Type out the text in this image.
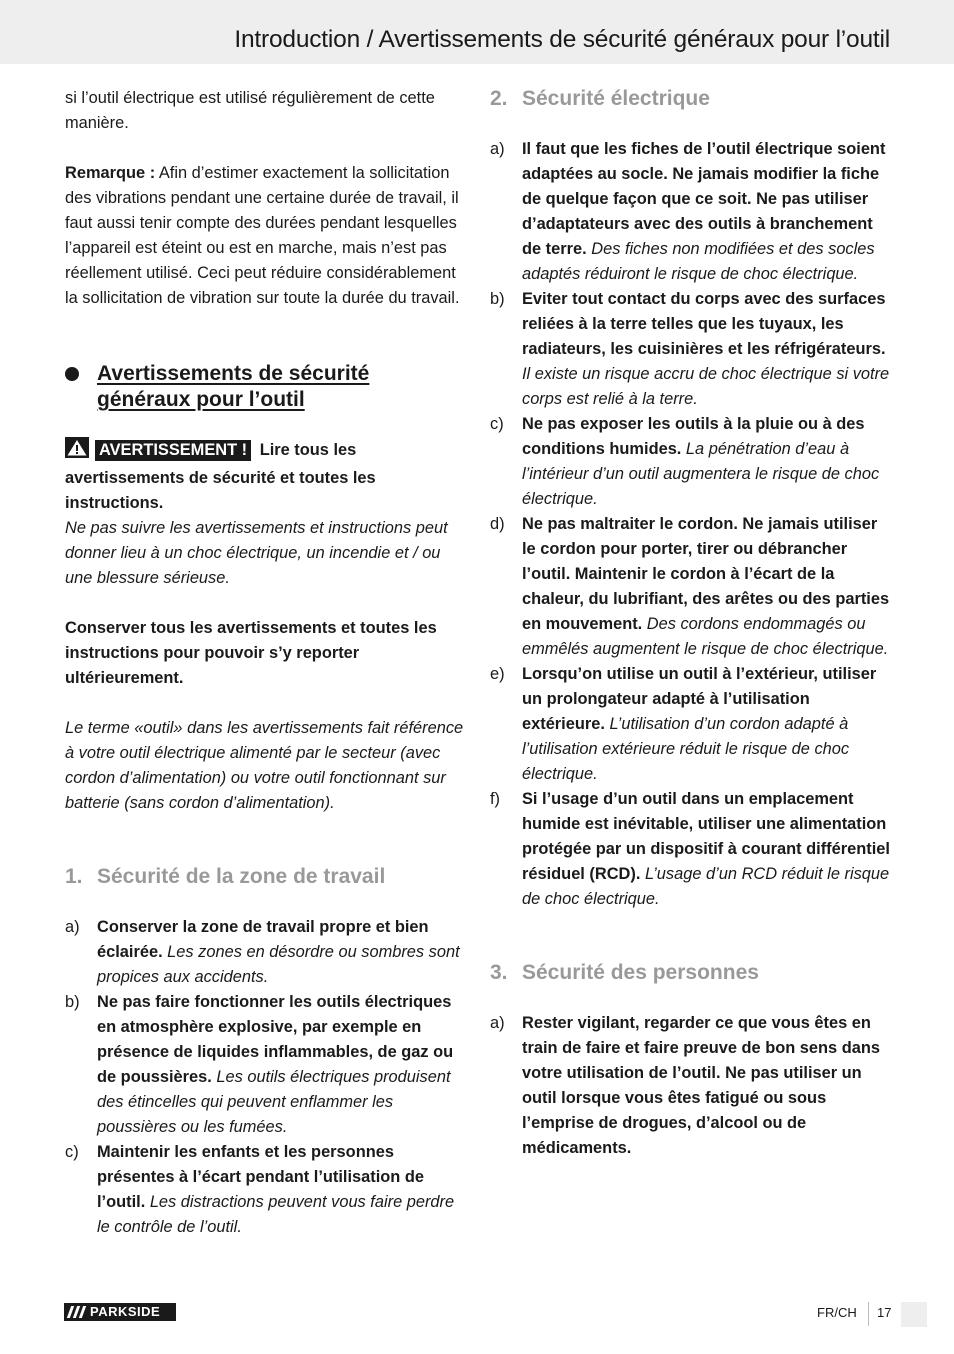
Introduction / Avertissements de sécurité généraux pour l’outil

si l’outil électrique est utilisé régulièrement de cette manière.

Remarque : Afin d’estimer exactement la sollicitation des vibrations pendant une certaine durée de travail, il faut aussi tenir compte des durées pendant lesquelles l’appareil est éteint ou est en marche, mais n’est pas réellement utilisé. Ceci peut réduire considérablement la sollicitation de vibration sur toute la durée du travail.

Avertissements de sécurité généraux pour l’outil

AVERTISSEMENT ! Lire tous les avertissements de sécurité et toutes les instructions.

Ne pas suivre les avertissements et instructions peut donner lieu à un choc électrique, un incendie et / ou une blessure sérieuse.

Conserver tous les avertissements et toutes les instructions pour pouvoir s’y reporter ultérieurement.

Le terme «outil» dans les avertissements fait référence à votre outil électrique alimenté par le secteur (avec cordon d’alimentation) ou votre outil fonctionnant sur batterie (sans cordon d’alimentation).

1. Sécurité de la zone de travail
a)	Conserver la zone de travail propre et bien éclairée. Les zones en désordre ou sombres sont propices aux accidents.
b)	Ne pas faire fonctionner les outils électriques en atmosphère explosive, par exemple en présence de liquides inflammables, de gaz ou de poussières. Les outils électriques produisent des étincelles qui peuvent enflammer les poussières ou les fumées.
c)	Maintenir les enfants et les personnes présentes à l’écart pendant l’utilisation de l’outil. Les distractions peuvent vous faire perdre le contrôle de l’outil.
2. Sécurité électrique
a)	Il faut que les fiches de l’outil électrique soient adaptées au socle. Ne jamais modifier la fiche de quelque façon que ce soit. Ne pas utiliser d’adaptateurs avec des outils à branchement de terre. Des fiches non modifiées et des socles adaptés réduiront le risque de choc électrique.
b)	Eviter tout contact du corps avec des surfaces reliées à la terre telles que les tuyaux, les radiateurs, les cuisinières et les réfrigérateurs. Il existe un risque accru de choc électrique si votre corps est relié à la terre.
c)	Ne pas exposer les outils à la pluie ou à des conditions humides. La pénétration d’eau à l’intérieur d’un outil augmentera le risque de choc électrique.
d)	Ne pas maltraiter le cordon. Ne jamais utiliser le cordon pour porter, tirer ou débrancher l’outil. Maintenir le cordon à l’écart de la chaleur, du lubrifiant, des arêtes ou des parties en mouvement. Des cordons endommagés ou emmêlés augmentent le risque de choc électrique.
e)	Lorsqu’on utilise un outil à l’extérieur, utiliser un prolongateur adapté à l’utilisation extérieure. L’utilisation d’un cordon adapté à l’utilisation extérieure réduit le risque de choc électrique.
f)	Si l’usage d’un outil dans un emplacement humide est inévitable, utiliser une alimentation protégée par un dispositif à courant différentiel résiduel (RCD). L’usage d’un RCD réduit le risque de choc électrique.
3. Sécurité des personnes
a)	Rester vigilant, regarder ce que vous êtes en train de faire et faire preuve de bon sens dans votre utilisation de l’outil. Ne pas utiliser un outil lorsque vous êtes fatigué ou sous l’emprise de drogues, d’alcool ou de médicaments.
PARKSIDE	FR/CH 17
